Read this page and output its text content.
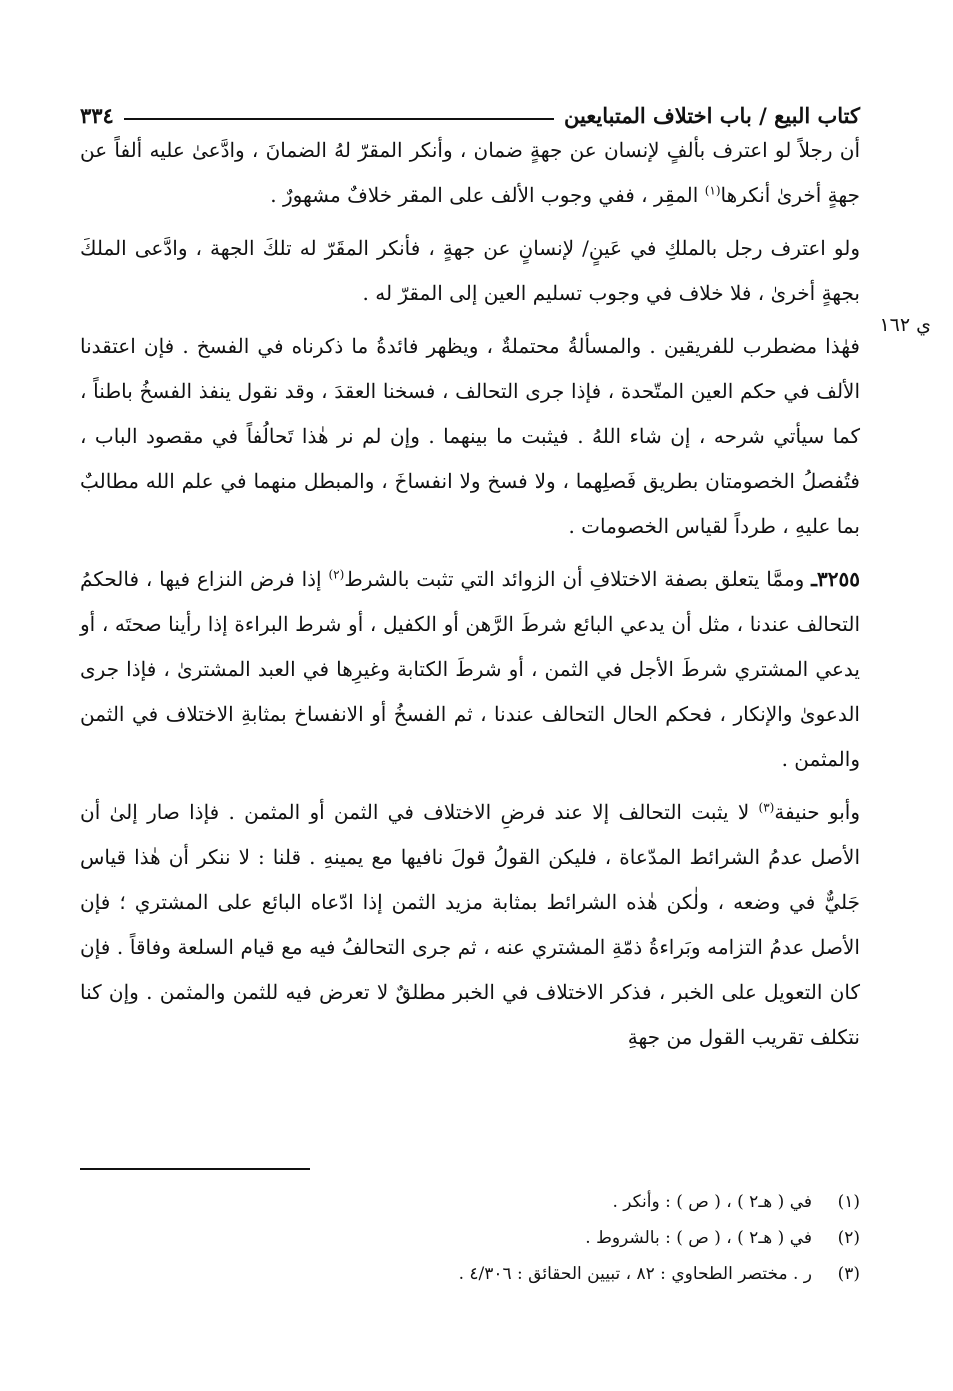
كتاب البيع / باب اختلاف المتبايعين
٣٣٤

أن رجلاً لو اعترف بألفٍ لإنسان عن جهةٍ ضمان ، وأنكر المقرّ لهُ الضمانَ ، وادَّعىٰ عليه ألفاً عن جهةٍ أخرىٰ أنكرها$^{(١)}$ المقِر ، ففي وجوب الألف على المقر خلافٌ مشهورٌ .

ولو اعترف رجل بالملكِ في عَينٍ/ لإنسانٍ عن جهةٍ ، فأنكر المقَرّ له تلكَ الجهة ، وادَّعى الملكَ بجهةٍ أخرىٰ ، فلا خلاف في وجوب تسليم العين إلى المقرّ له .

فهٰذا مضطرب للفريقين . والمسألةُ محتملةٌ ، ويظهر فائدةُ ما ذكرناه في الفسخ . فإن اعتقدنا الألف في حكم العين المتّحدة ، فإذا جرى التحالف ، فسخنا العقدَ ، وقد نقول ينفذ الفسخُ باطناً ، كما سيأتي شرحه ، إن شاء اللهُ . فيثبت ما بينهما . وإن لم نر هٰذا تَحالُفاً في مقصود الباب ، فتُفصلُ الخصومتان بطريق فَصلِهما ، ولا فسخ ولا انفساخَ ، والمبطل منهما في علم الله مطالبٌ بما عليهِ ، طرداً لقياس الخصومات .

٣٢٥٥ـ وممَّا يتعلق بصفة الاختلافِ أن الزوائد التي تثبت بالشرط$^{(٢)}$ إذا فرض النزاع فيها ، فالحكمُ التحالف عندنا ، مثل أن يدعي البائع شرطَ الرَّهن أو الكفيل ، أو شرط البراءة إذا رأينا صحتَه ، أو يدعي المشتري شرطَ الأجل في الثمن ، أو شرطَ الكتابة وغيرِها في العبد المشترىٰ ، فإذا جرى الدعوىٰ والإنكار ، فحكم الحال التحالف عندنا ، ثم الفسخُ أو الانفساخ بمثابةِ الاختلاف في الثمن والمثمن .

وأبو حنيفة$^{(٣)}$ لا يثبت التحالف إلا عند فرضِ الاختلاف في الثمن أو المثمن . فإذا صار إلىٰ أن الأصل عدمُ الشرائط المدّعاة ، فليكن القولُ قولَ نافيها مع يمينهِ . قلنا : لا ننكر أن هٰذا قياس جَليٌّ في وضعه ، ولٰكن هٰذه الشرائط بمثابة مزيد الثمن إذا ادّعاه البائع على المشتري ؛ فإن الأصل عدمُ التزامه وبَراءةُ ذمّةِ المشتري عنه ، ثم جرى التحالفُ فيه مع قيام السلعة وفاقاً . فإن كان التعويل على الخبر ، فذكر الاختلاف في الخبر مطلقٌ لا تعرض فيه للثمن والمثمن . وإن كنا نتكلف تقريب القول من جهةِ

ي ١٦٢
(١)
في ( هـ٢ ) ، ( ص ) : وأنكر .
(٢)
في ( هـ٢ ) ، ( ص ) : بالشروط .
(٣)
ر . مختصر الطحاوي : ٨٢ ، تبيين الحقائق : ٤/٣٠٦ .
